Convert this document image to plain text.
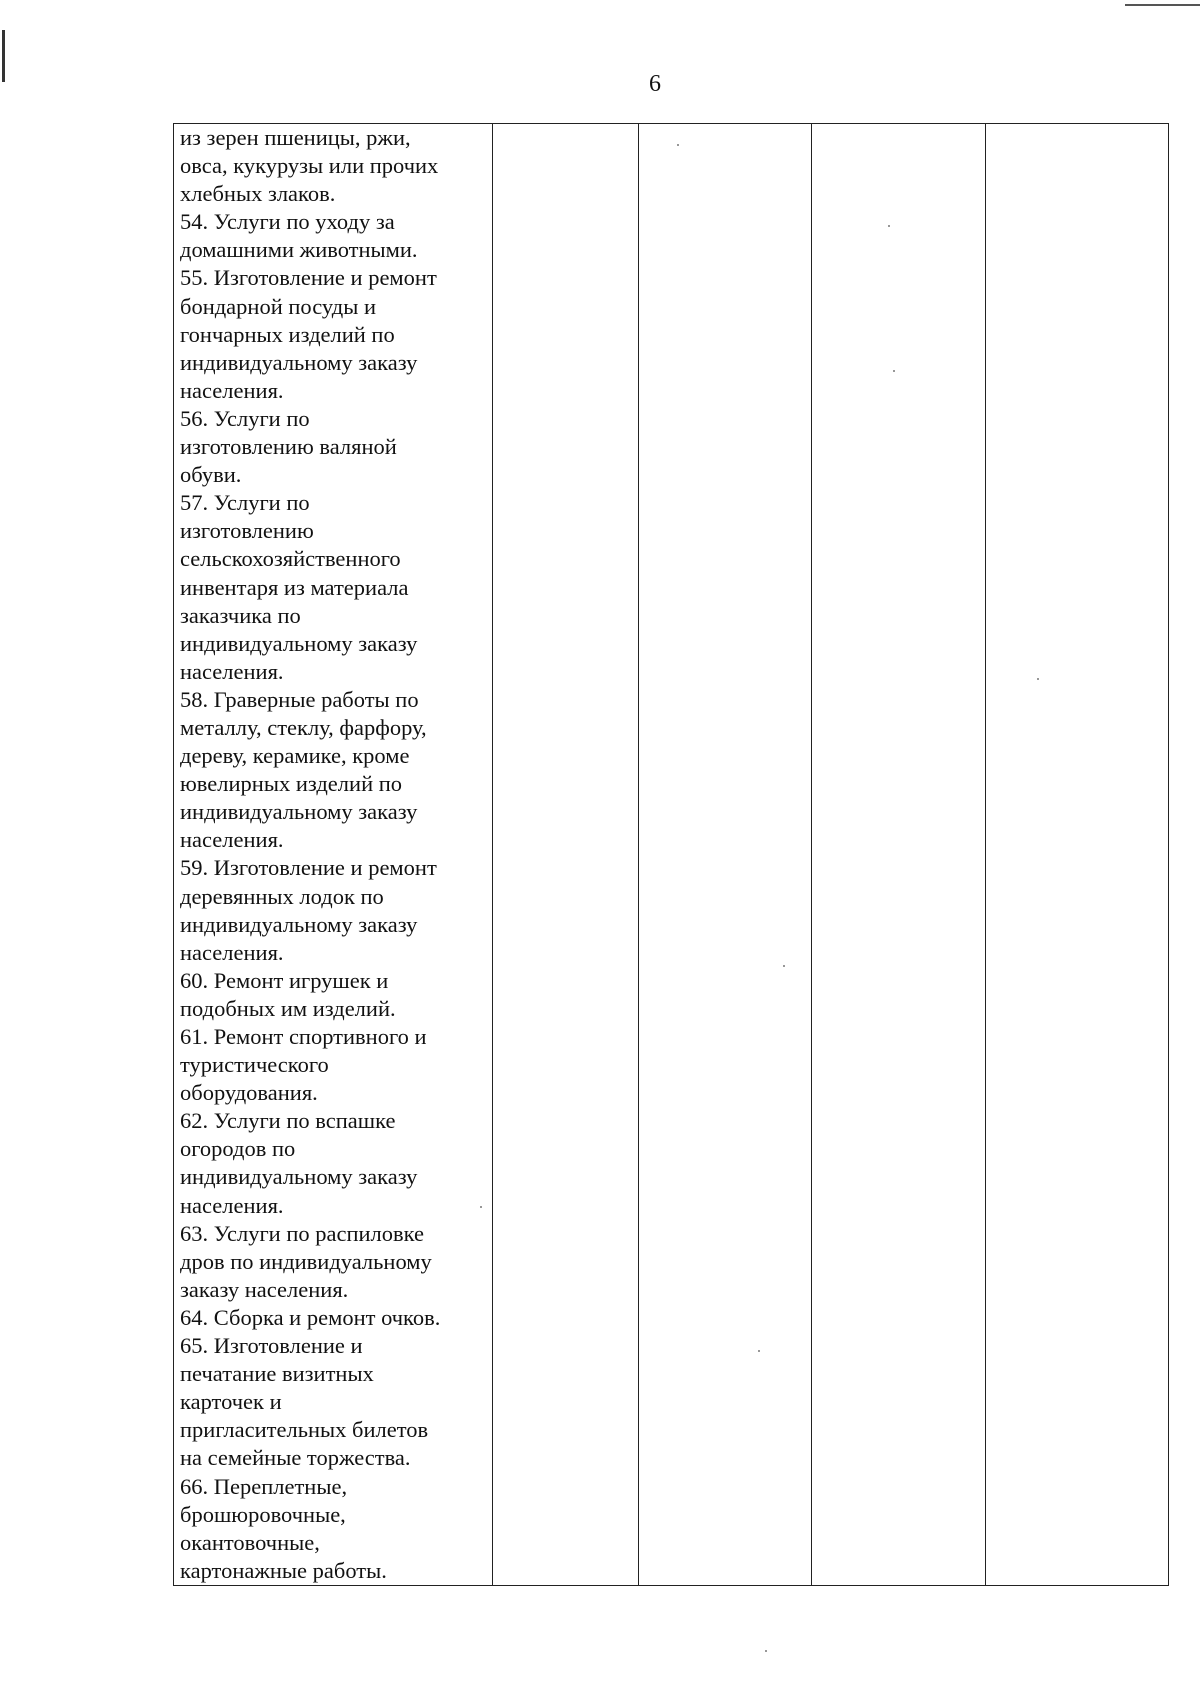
6
из зерен пшеницы, ржи,
овса, кукурузы или прочих
хлебных злаков.
54. Услуги по уходу за
домашними животными.
55. Изготовление и ремонт
бондарной посуды и
гончарных изделий по
индивидуальному заказу
населения.
56. Услуги по
изготовлению валяной
обуви.
57. Услуги по
изготовлению
сельскохозяйственного
инвентаря из материала
заказчика по
индивидуальному заказу
населения.
58. Граверные работы по
металлу, стеклу, фарфору,
дереву, керамике, кроме
ювелирных изделий по
индивидуальному заказу
населения.
59. Изготовление и ремонт
деревянных лодок по
индивидуальному заказу
населения.
60. Ремонт игрушек и
подобных им изделий.
61. Ремонт спортивного и
туристического
оборудования.
62. Услуги по вспашке
огородов по
индивидуальному заказу
населения.
63. Услуги по распиловке
дров по индивидуальному
заказу населения.
64. Сборка и ремонт очков.
65. Изготовление и
печатание визитных
карточек и
пригласительных билетов
на семейные торжества.
66. Переплетные,
брошюровочные,
окантовочные,
картонажные работы.
